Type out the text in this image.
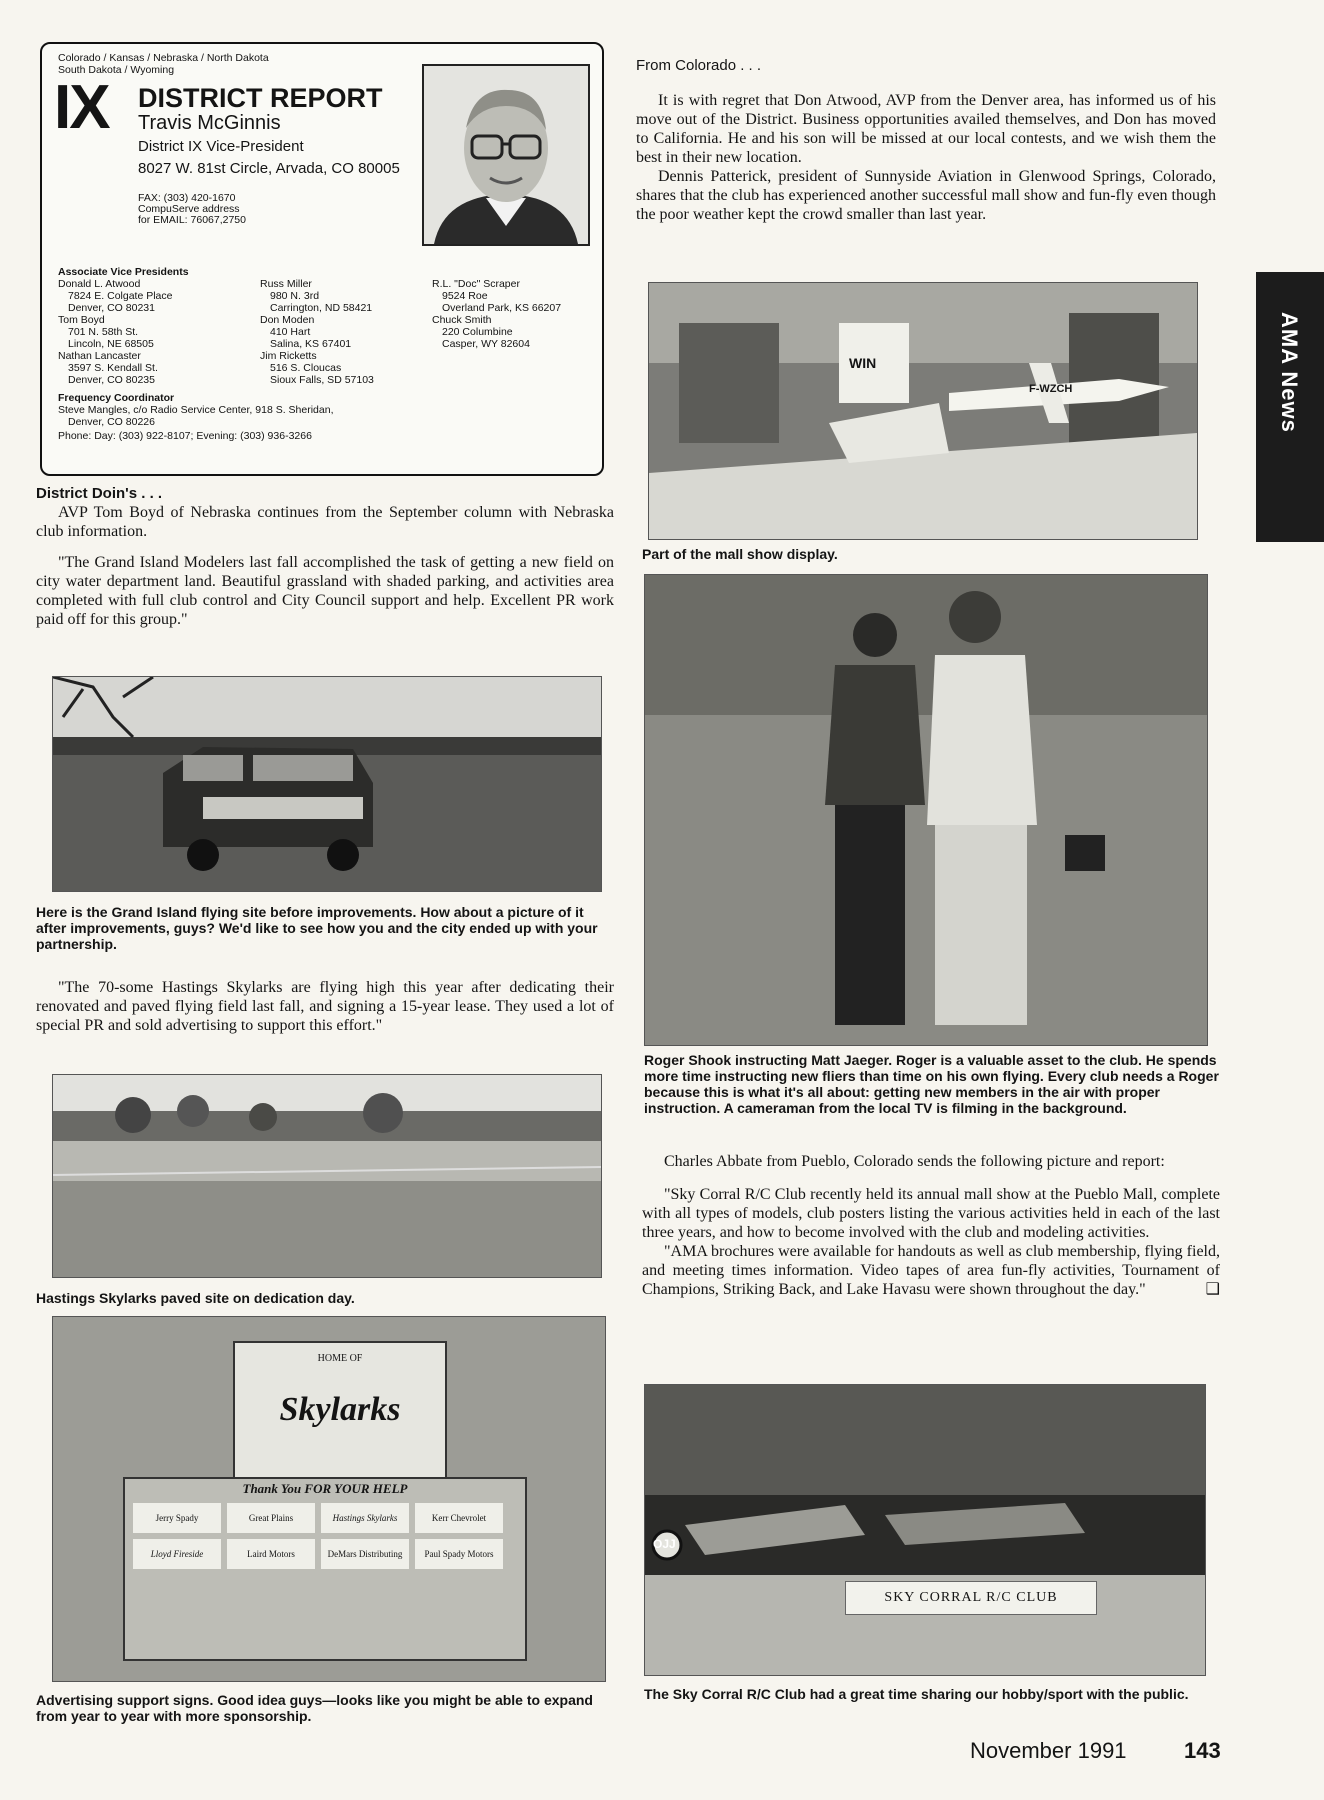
Colorado / Kansas / Nebraska / North Dakota
South Dakota / Wyoming
IX DISTRICT REPORT
Travis McGinnis
District IX Vice-President
8027 W. 81st Circle, Arvada, CO 80005
FAX: (303) 420-1670
CompuServe address
for EMAIL: 76067,2750
Associate Vice Presidents
Donald L. Atwood
7824 E. Colgate Place
Denver, CO 80231
Tom Boyd
701 N. 58th St.
Lincoln, NE 68505
Nathan Lancaster
3597 S. Kendall St.
Denver, CO 80235
Russ Miller
980 N. 3rd
Carrington, ND 58421
Don Moden
410 Hart
Salina, KS 67401
Jim Ricketts
516 S. Cloucas
Sioux Falls, SD 57103
R.L. "Doc" Scraper
9524 Roe
Overland Park, KS 66207
Chuck Smith
220 Columbine
Casper, WY 82604
Frequency Coordinator
Steve Mangles, c/o Radio Service Center, 918 S. Sheridan,
Denver, CO 80226
Phone: Day: (303) 922-8107; Evening: (303) 936-3266

District Doin's . . .

AVP Tom Boyd of Nebraska continues from the September column with Nebraska club information.

"The Grand Island Modelers last fall accomplished the task of getting a new field on city water department land. Beautiful grassland with shaded parking, and activities area completed with full club control and City Council support and help. Excellent PR work paid off for this group."

Here is the Grand Island flying site before improvements. How about a picture of it after improvements, guys? We'd like to see how you and the city ended up with your partnership.

"The 70-some Hastings Skylarks are flying high this year after dedicating their renovated and paved flying field last fall, and signing a 15-year lease. They used a lot of special PR and sold advertising to support this effort."

Hastings Skylarks paved site on dedication day.

HOME OF
Skylarks
Thank You FOR YOUR HELP
Jerry Spady	Great Plains	Hastings Skylarks	Kerr Chevrolet
Lloyd Fireside	Laird Motors	DeMars Distributing	Paul Spady Motors

Advertising support signs. Good idea guys—looks like you might be able to expand from year to year with more sponsorship.

From Colorado . . .

It is with regret that Don Atwood, AVP from the Denver area, has informed us of his move out of the District. Business opportunities availed themselves, and Don has moved to California. He and his son will be missed at our local contests, and we wish them the best in their new location.

Dennis Patterick, president of Sunnyside Aviation in Glenwood Springs, Colorado, shares that the club has experienced another successful mall show and fun-fly even though the poor weather kept the crowd smaller than last year.

WIN
F-WZCH

Part of the mall show display.

Roger Shook instructing Matt Jaeger. Roger is a valuable asset to the club. He spends more time instructing new fliers than time on his own flying. Every club needs a Roger because this is what it's all about: getting new members in the air with proper instruction. A cameraman from the local TV is filming in the background.

Charles Abbate from Pueblo, Colorado sends the following picture and report:

"Sky Corral R/C Club recently held its annual mall show at the Pueblo Mall, complete with all types of models, club posters listing the various activities held in each of the last three years, and how to become involved with the club and modeling activities.

"AMA brochures were available for handouts as well as club membership, flying field, and meeting times information. Video tapes of area fun-fly activities, Tournament of Champions, Striking Back, and Lake Havasu were shown throughout the day."	❑

OJJ
SKY CORRAL R/C CLUB

The Sky Corral R/C Club had a great time sharing our hobby/sport with the public.

AMA News
November 1991	143
